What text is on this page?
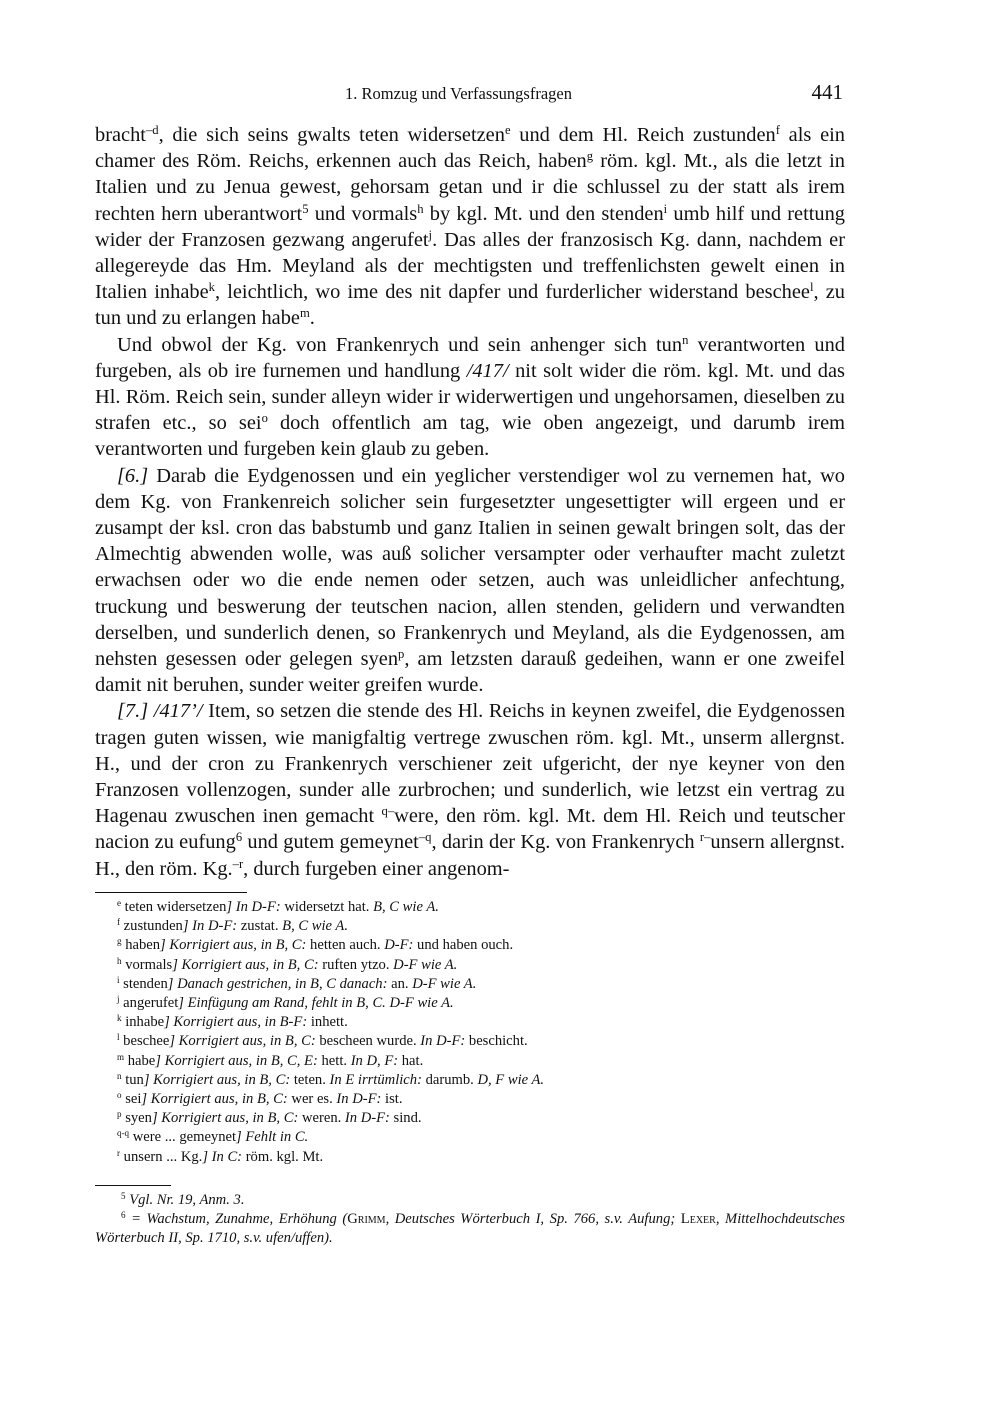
1. Romzug und Verfassungsfragen	441

bracht$^{-d}$, die sich seins gwalts teten widersetzen$^e$ und dem Hl. Reich zustunden$^f$ als ein chamer des Röm. Reichs, erkennen auch das Reich, haben$^g$ röm. kgl. Mt., als die letzt in Italien und zu Jenua gewest, gehorsam getan und ir die schlussel zu der statt als irem rechten hern uberantwort$^5$ und vormals$^h$ by kgl. Mt. und den stenden$^i$ umb hilf und rettung wider der Franzosen gezwang angerufet$^j$. Das alles der franzosisch Kg. dann, nachdem er allegereyde das Hm. Meyland als der mechtigsten und treffenlichsten gewelt einen in Italien inhabe$^k$, leichtlich, wo ime des nit dapfer und furderlicher widerstand beschee$^l$, zu tun und zu erlangen habe$^m$.

Und obwol der Kg. von Frankenrych und sein anhenger sich tun$^n$ verantworten und furgeben, als ob ire furnemen und handlung /417/ nit solt wider die röm. kgl. Mt. und das Hl. Röm. Reich sein, sunder alleyn wider ir widerwertigen und ungehorsamen, dieselben zu strafen etc., so sei$^o$ doch offentlich am tag, wie oben angezeigt, und darumb irem verantworten und furgeben kein glaub zu geben.

[6.] Darab die Eydgenossen und ein yeglicher verstendiger wol zu vernemen hat, wo dem Kg. von Frankenreich solicher sein furgesetzter ungesettigter will ergeen und er zusampt der ksl. cron das babstumb und ganz Italien in seinen gewalt bringen solt, das der Almechtig abwenden wolle, was auß solicher versampter oder verhaufter macht zuletzt erwachsen oder wo die ende nemen oder setzen, auch was unleidlicher anfechtung, truckung und beswerung der teutschen nacion, allen stenden, gelidern und verwandten derselben, und sunderlich denen, so Frankenrych und Meyland, als die Eydgenossen, am nehsten gesessen oder gelegen syen$^p$, am letzsten darauß gedeihen, wann er one zweifel damit nit beruhen, sunder weiter greifen wurde.

[7.] /417’/ Item, so setzen die stende des Hl. Reichs in keynen zweifel, die Eydgenossen tragen guten wissen, wie manigfaltig vertrege zwuschen röm. kgl. Mt., unserm allergnst. H., und der cron zu Frankenrych verschiener zeit ufgericht, der nye keyner von den Franzosen vollenzogen, sunder alle zurbrochen; und sunderlich, wie letzst ein vertrag zu Hagenau zwuschen inen gemacht $^{q-}$were, den röm. kgl. Mt. dem Hl. Reich und teutscher nacion zu eufung$^6$ und gutem gemeynet$^{-q}$, darin der Kg. von Frankenrych $^{r-}$unsern allergnst. H., den röm. Kg.$^{-r}$, durch furgeben einer angenom-

$^e$ teten widersetzen] In D-F: widersetzt hat. B, C wie A.
$^f$ zustunden] In D-F: zustat. B, C wie A.
$^g$ haben] Korrigiert aus, in B, C: hetten auch. D-F: und haben ouch.
$^h$ vormals] Korrigiert aus, in B, C: ruften ytzo. D-F wie A.
$^i$ stenden] Danach gestrichen, in B, C danach: an. D-F wie A.
$^j$ angerufet] Einfügung am Rand, fehlt in B, C. D-F wie A.
$^k$ inhabe] Korrigiert aus, in B-F: inhett.
$^l$ beschee] Korrigiert aus, in B, C: bescheen wurde. In D-F: beschicht.
$^m$ habe] Korrigiert aus, in B, C, E: hett. In D, F: hat.
$^n$ tun] Korrigiert aus, in B, C: teten. In E irrtümlich: darumb. D, F wie A.
$^o$ sei] Korrigiert aus, in B, C: wer es. In D-F: ist.
$^p$ syen] Korrigiert aus, in B, C: weren. In D-F: sind.
$^{q-q}$ were ... gemeynet] Fehlt in C.
$^r$ unsern ... Kg.] In C: röm. kgl. Mt.
$^5$ Vgl. Nr. 19, Anm. 3.
$^6$ = Wachstum, Zunahme, Erhöhung (Grimm, Deutsches Wörterbuch I, Sp. 766, s.v. Aufung; Lexer, Mittelhochdeutsches Wörterbuch II, Sp. 1710, s.v. ufen/uffen).
